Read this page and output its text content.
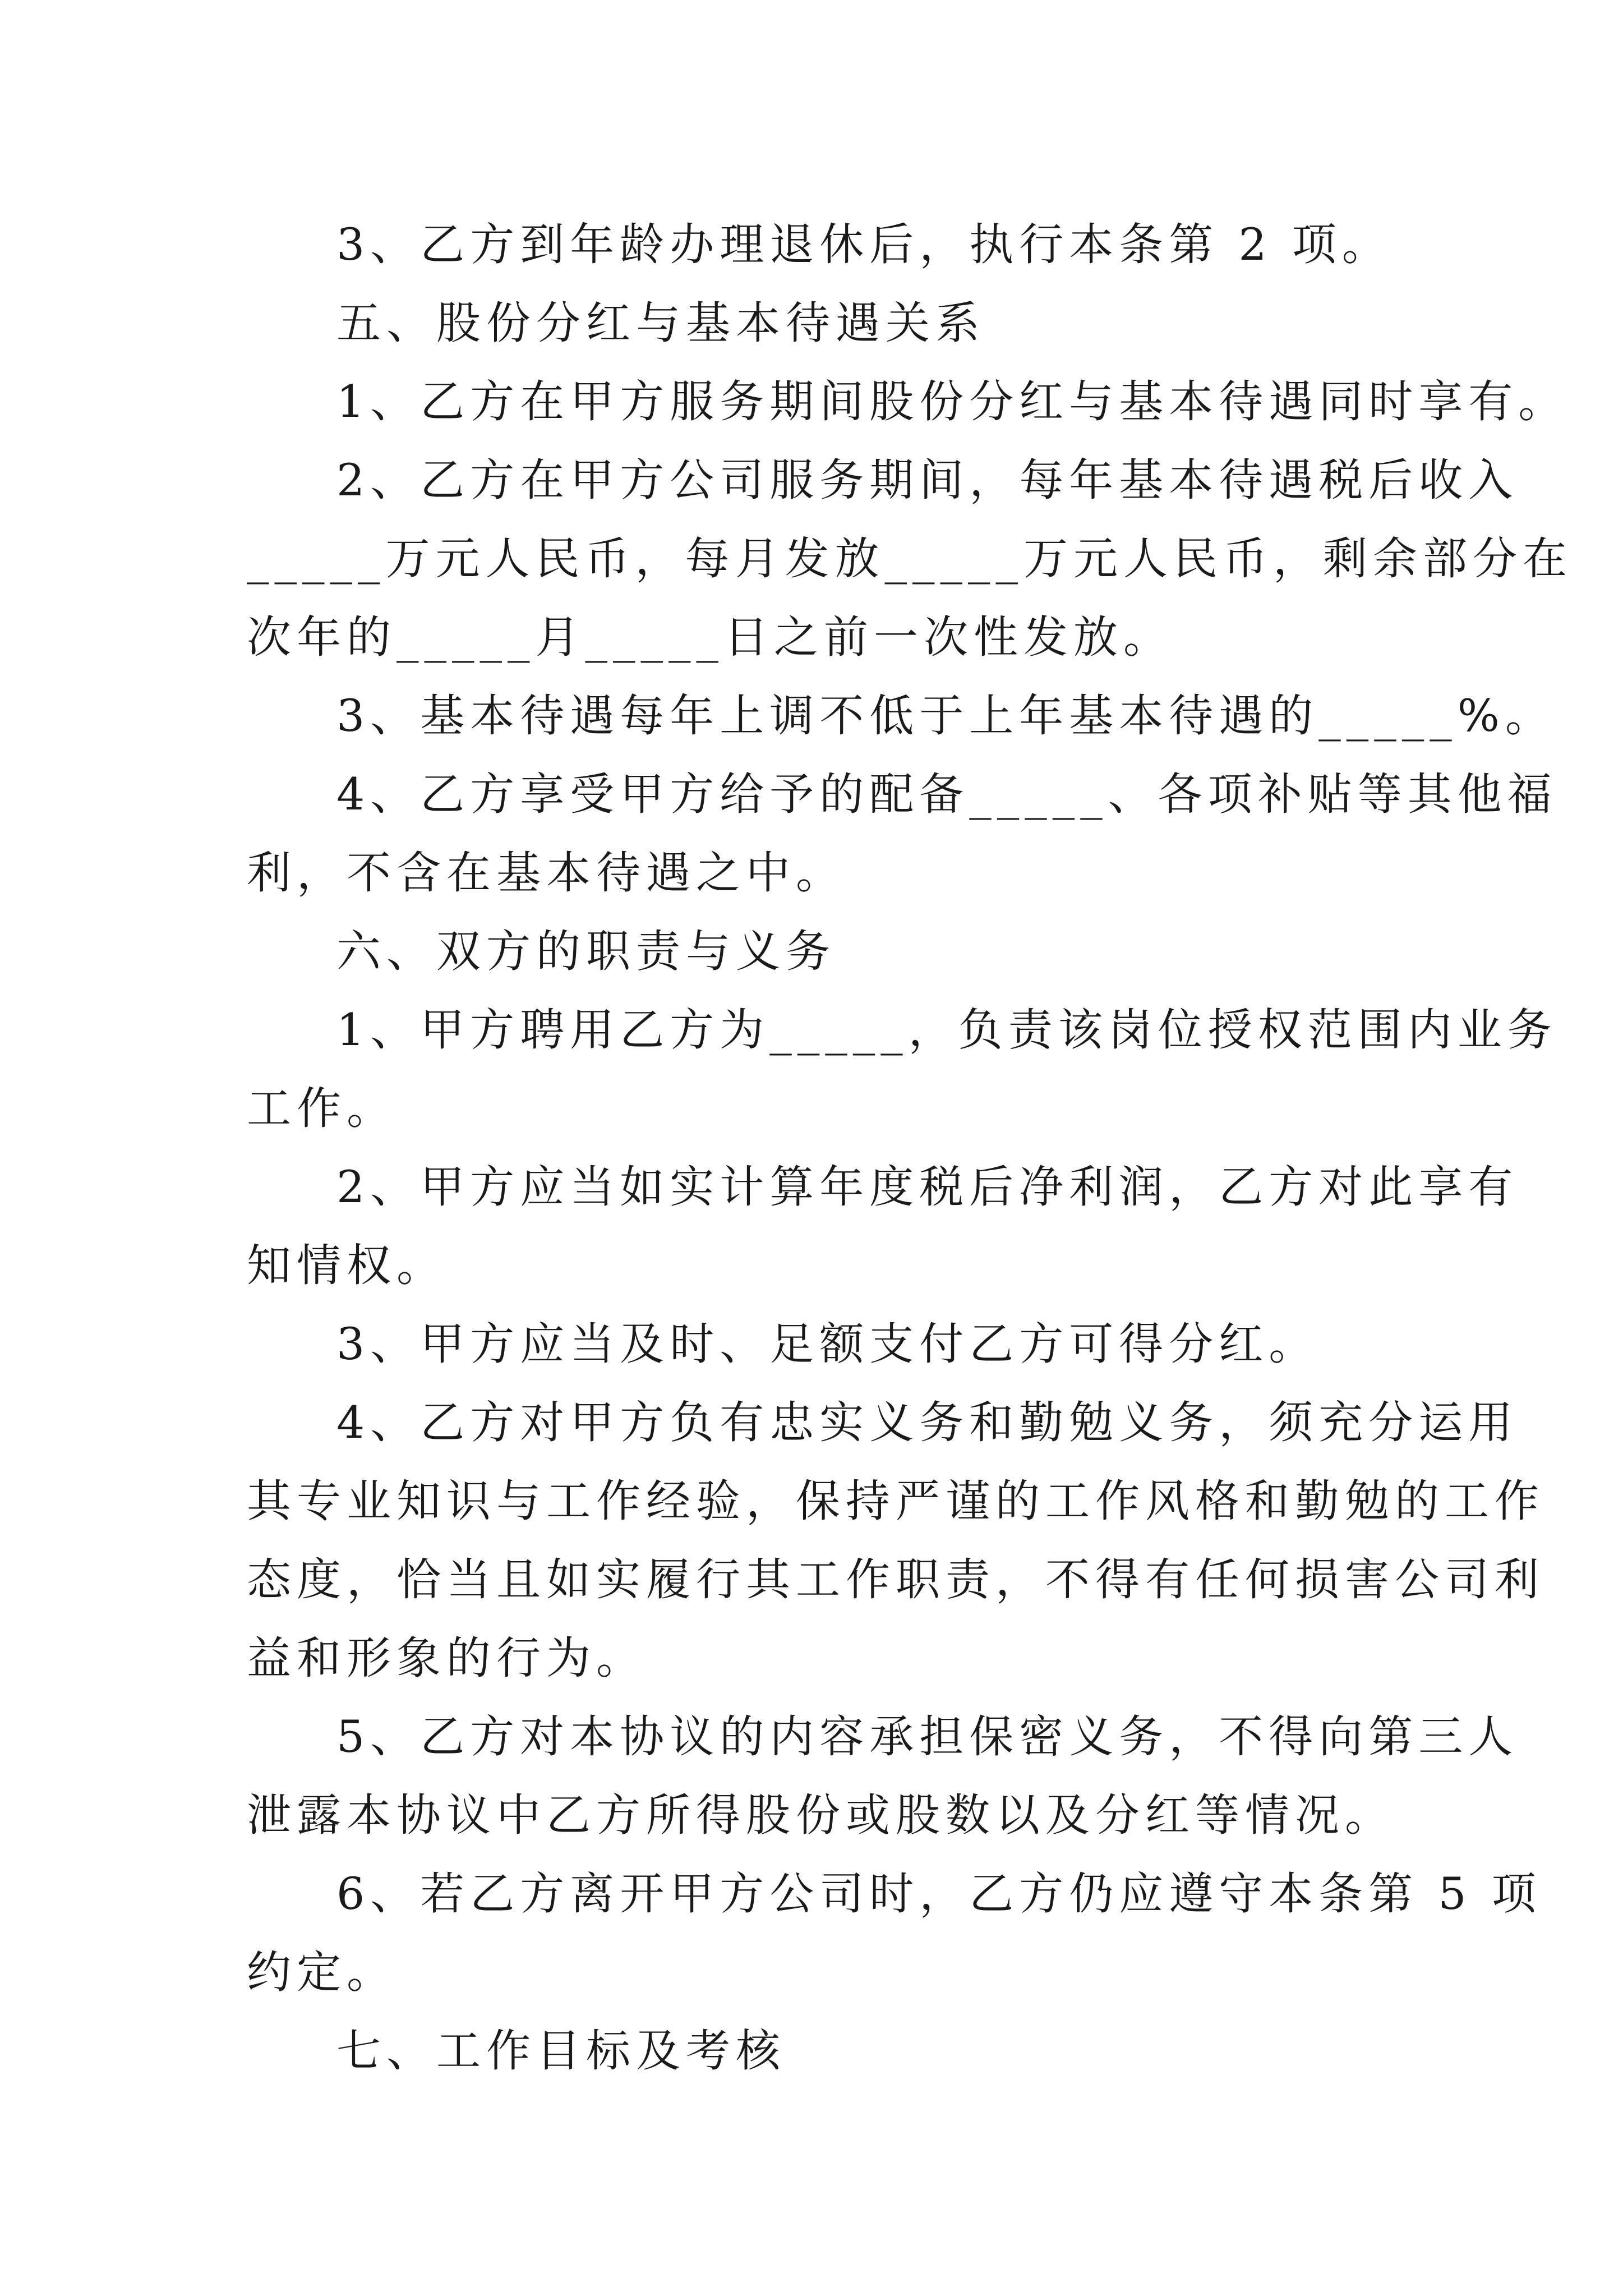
3、乙方到年龄办理退休后，执行本条第 2 项。
五、股份分红与基本待遇关系
1、乙方在甲方服务期间股份分红与基本待遇同时享有。
2、乙方在甲方公司服务期间，每年基本待遇税后收入
_____万元人民币，每月发放_____万元人民币，剩余部分在
次年的_____月_____日之前一次性发放。
3、基本待遇每年上调不低于上年基本待遇的_____%。
4、乙方享受甲方给予的配备_____、各项补贴等其他福
利，不含在基本待遇之中。
六、双方的职责与义务
1、甲方聘用乙方为_____，负责该岗位授权范围内业务
工作。
2、甲方应当如实计算年度税后净利润，乙方对此享有
知情权。
3、甲方应当及时、足额支付乙方可得分红。
4、乙方对甲方负有忠实义务和勤勉义务，须充分运用
其专业知识与工作经验，保持严谨的工作风格和勤勉的工作
态度，恰当且如实履行其工作职责，不得有任何损害公司利
益和形象的行为。
5、乙方对本协议的内容承担保密义务，不得向第三人
泄露本协议中乙方所得股份或股数以及分红等情况。
6、若乙方离开甲方公司时，乙方仍应遵守本条第 5 项
约定。
七、工作目标及考核
